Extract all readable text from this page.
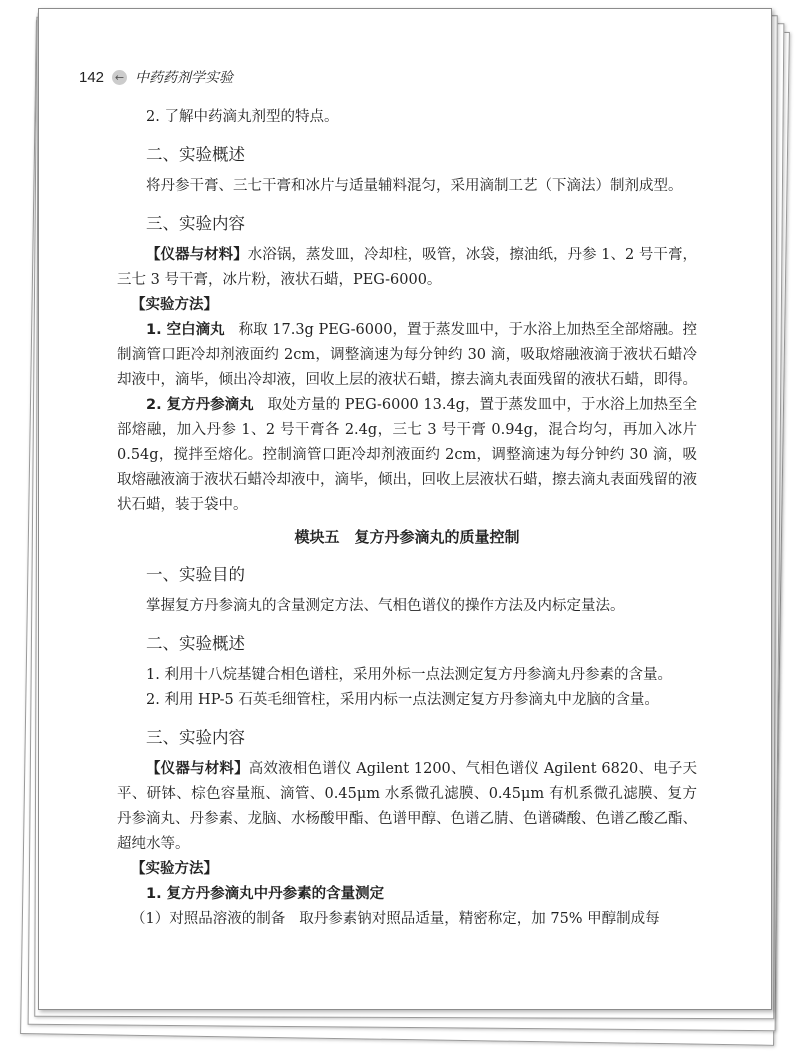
142 ← 中药药剂学实验

2. 了解中药滴丸剂型的特点。

二、实验概述

将丹参干膏、三七干膏和冰片与适量辅料混匀，采用滴制工艺（下滴法）制剂成型。

三、实验内容

【仪器与材料】水浴锅，蒸发皿，冷却柱，吸管，冰袋，擦油纸，丹参 1、2 号干膏，三七 3 号干膏，冰片粉，液状石蜡，PEG-6000。

【实验方法】

1. 空白滴丸 称取 17.3g PEG-6000，置于蒸发皿中，于水浴上加热至全部熔融。控制滴管口距冷却剂液面约 2cm，调整滴速为每分钟约 30 滴，吸取熔融液滴于液状石蜡冷却液中，滴毕，倾出冷却液，回收上层的液状石蜡，擦去滴丸表面残留的液状石蜡，即得。

2. 复方丹参滴丸 取处方量的 PEG-6000 13.4g，置于蒸发皿中，于水浴上加热至全部熔融，加入丹参 1、2 号干膏各 2.4g，三七 3 号干膏 0.94g，混合均匀，再加入冰片 0.54g，搅拌至熔化。控制滴管口距冷却剂液面约 2cm，调整滴速为每分钟约 30 滴，吸取熔融液滴于液状石蜡冷却液中，滴毕，倾出，回收上层液状石蜡，擦去滴丸表面残留的液状石蜡，装于袋中。

模块五　复方丹参滴丸的质量控制
一、实验目的

掌握复方丹参滴丸的含量测定方法、气相色谱仪的操作方法及内标定量法。

二、实验概述

1. 利用十八烷基键合相色谱柱，采用外标一点法测定复方丹参滴丸丹参素的含量。

2. 利用 HP-5 石英毛细管柱，采用内标一点法测定复方丹参滴丸中龙脑的含量。

三、实验内容

【仪器与材料】高效液相色谱仪 Agilent 1200、气相色谱仪 Agilent 6820、电子天平、研钵、棕色容量瓶、滴管、0.45μm 水系微孔滤膜、0.45μm 有机系微孔滤膜、复方丹参滴丸、丹参素、龙脑、水杨酸甲酯、色谱甲醇、色谱乙腈、色谱磷酸、色谱乙酸乙酯、超纯水等。

【实验方法】

1. 复方丹参滴丸中丹参素的含量测定

（1）对照品溶液的制备 取丹参素钠对照品适量，精密称定，加 75% 甲醇制成每
